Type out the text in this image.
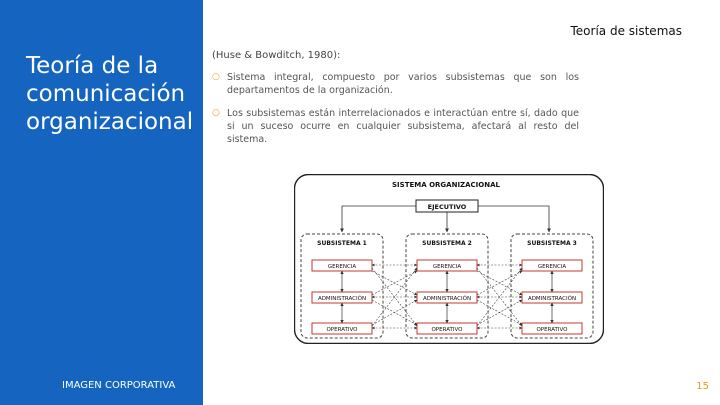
Teoría de la comunicación organizacional
IMAGEN CORPORATIVA
Teoría de sistemas
(Huse & Bowditch, 1980):
○ Sistema integral, compuesto por varios subsistemas que son los departamentos de la organización.
○ Los subsistemas están interrelacionados e interactúan entre sí, dado que si un suceso ocurre en cualquier subsistema, afectará al resto del sistema.
SISTEMA ORGANIZACIONAL
EJECUTIVO
SUBSISTEMA 1
GERENCIA
ADMINISTRACIÓN
OPERATIVO
SUBSISTEMA 2
GERENCIA
ADMINISTRACIÓN
OPERATIVO
SUBSISTEMA 3
GERENCIA
ADMINISTRACIÓN
OPERATIVO
15
